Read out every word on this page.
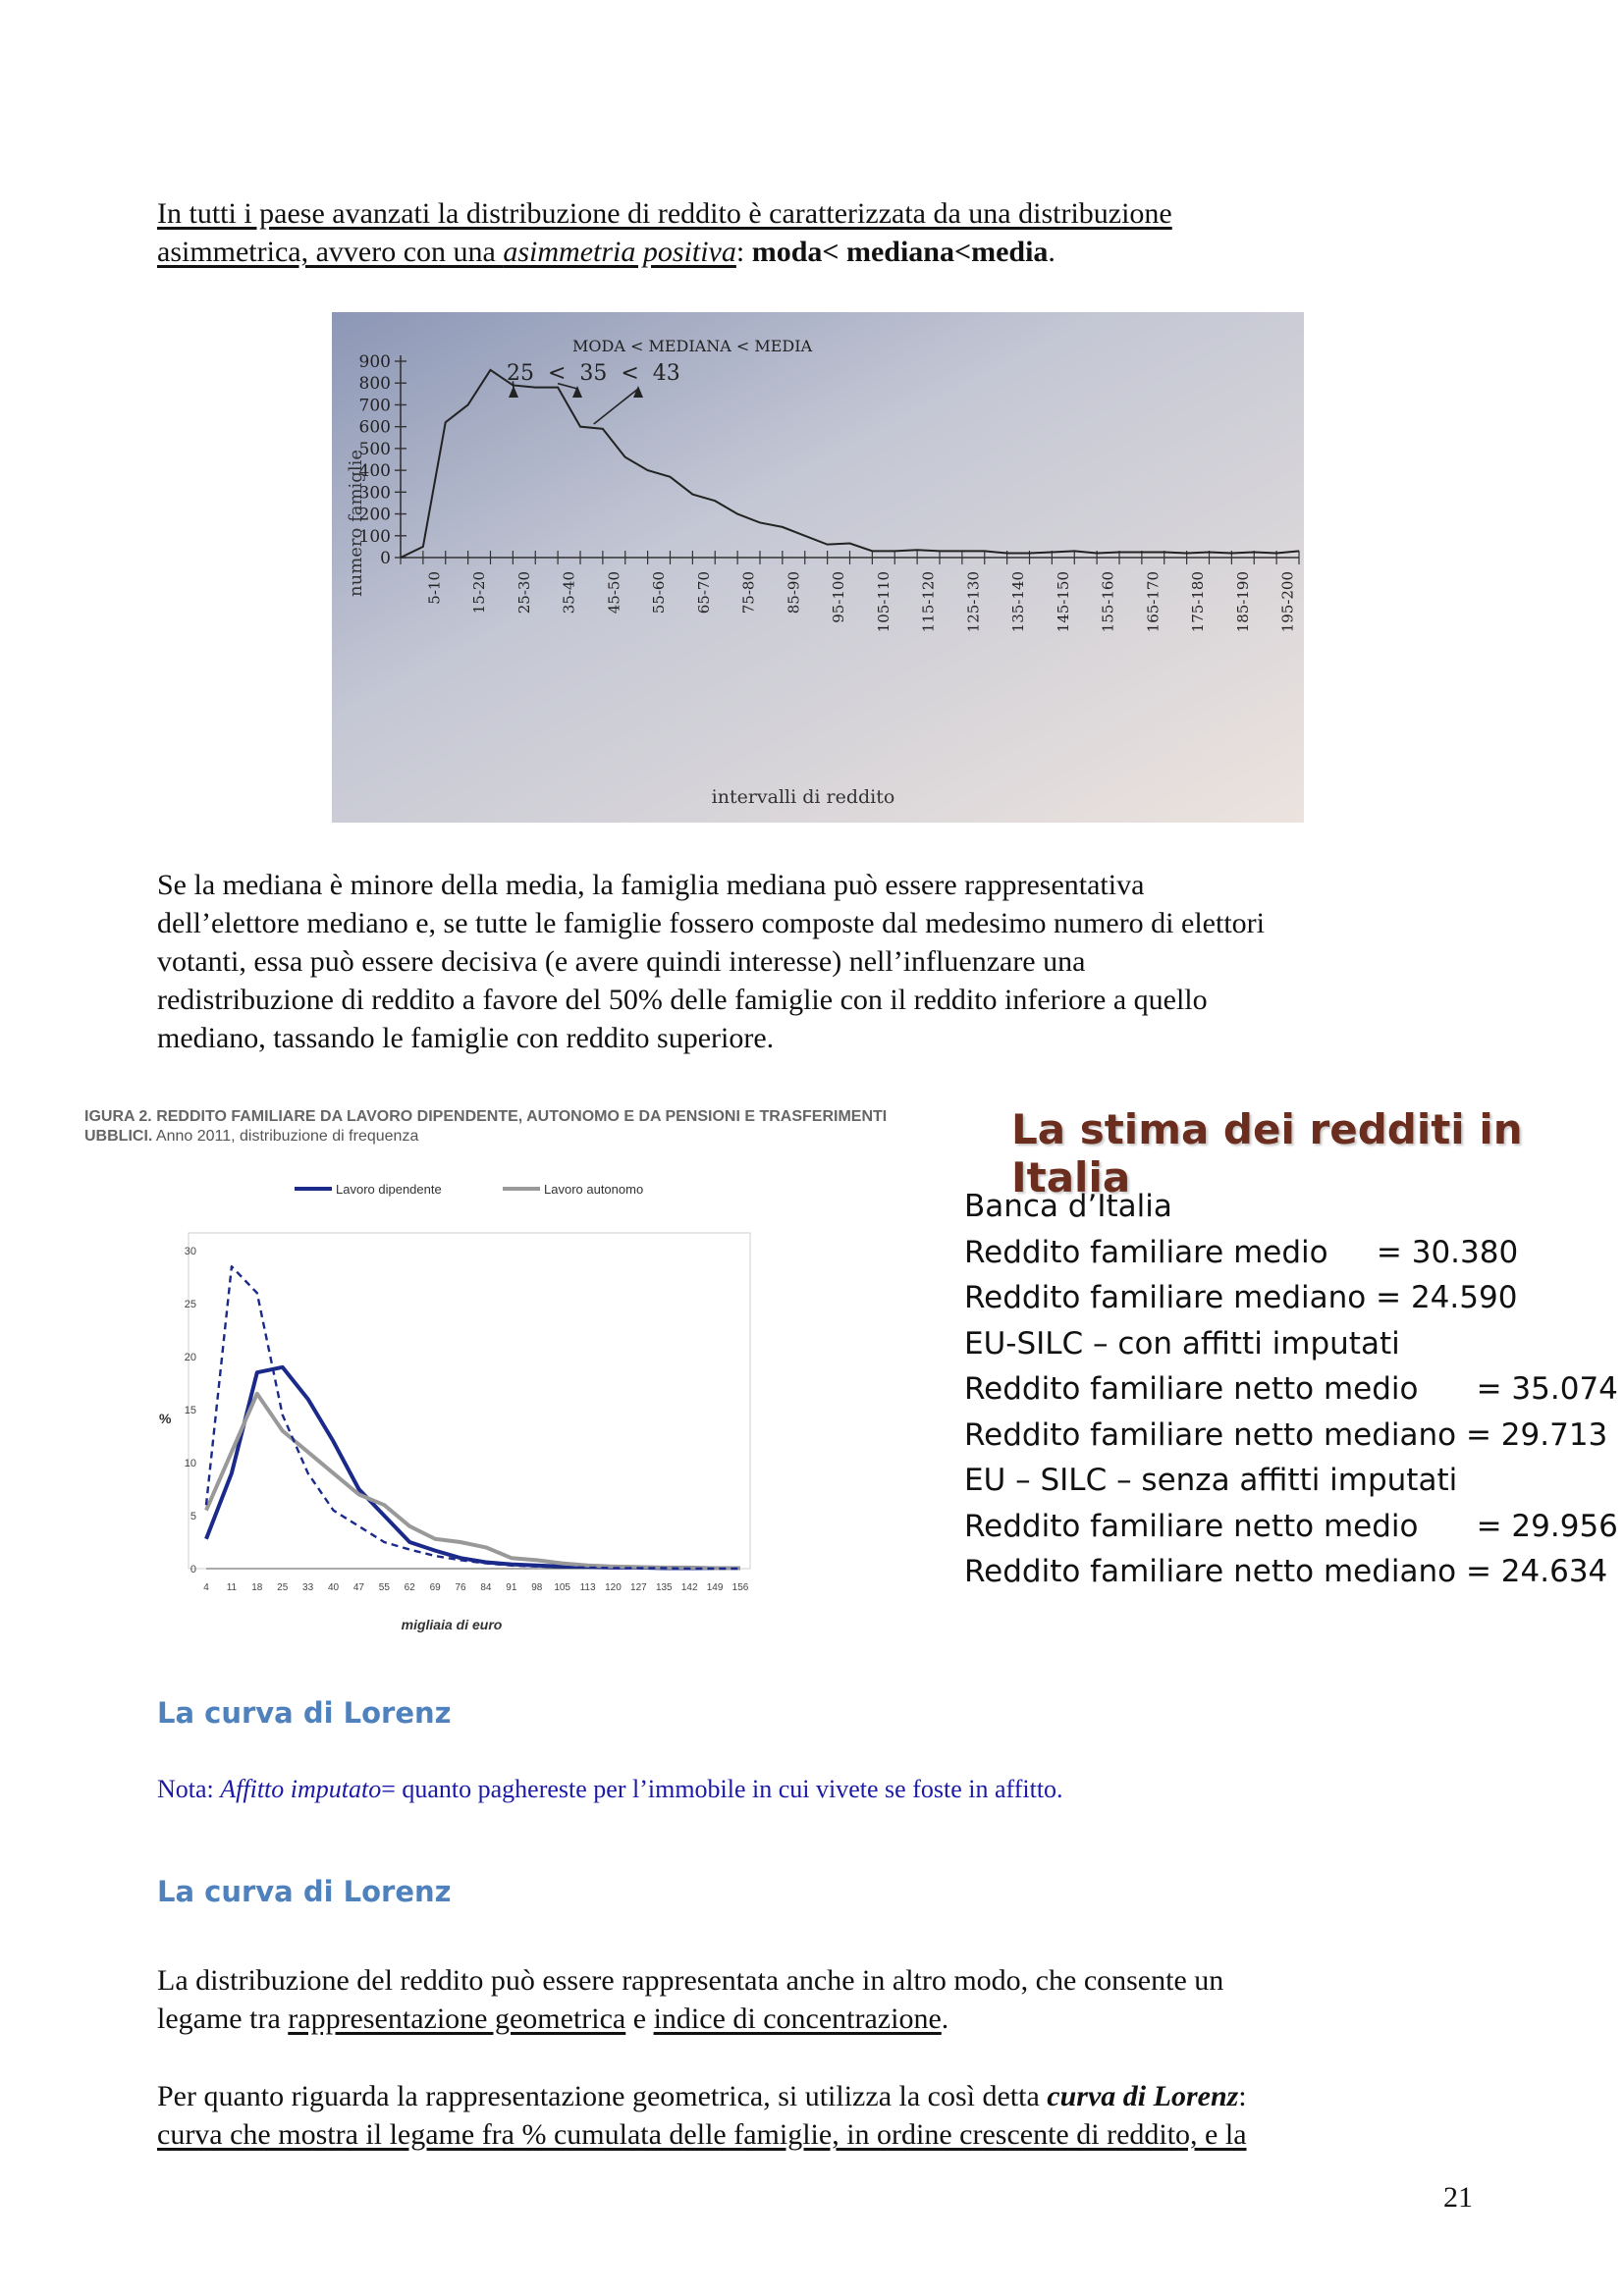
In tutti i paese avanzati la distribuzione di reddito è caratterizzata da una distribuzione
asimmetrica, avvero con una asimmetria positiva: moda< mediana<media.

0
100
200
300
400
500
600
700
800
900
5-10 15-20 25-30 35-40 45-50 55-60 65-70 75-80 85-90 95-100 105-110 115-120 125-130 135-140 145-150 155-160 165-170 175-180 185-190 195-200
MODA < MEDIANA < MEDIA
25  <  35  <  43
numero famiglie
intervalli di reddito

Se la mediana è minore della media, la famiglia mediana può essere rappresentativa
dell’elettore mediano e, se tutte le famiglie fossero composte dal medesimo numero di elettori
votanti, essa può essere decisiva (e avere quindi interesse) nell’influenzare una
redistribuzione di reddito a favore del 50% delle famiglie con il reddito inferiore a quello
mediano, tassando le famiglie con reddito superiore.

IGURA 2. REDDITO FAMILIARE DA LAVORO DIPENDENTE, AUTONOMO E DA PENSIONI E TRASFERIMENTI
UBBLICI. Anno 2011, distribuzione di frequenza

Lavoro dipendente	Lavoro autonomo
0
5
10
15
20
25
30
4 11 18 25 33 40 47 55 62 69 76 84 91 98 105 113 120 127 135 142 149 156
%
migliaia di euro
La stima dei redditi in Italia
Banca d’Italia
Reddito familiare medio     = 30.380
Reddito familiare mediano = 24.590
EU-SILC – con affitti imputati
Reddito familiare netto medio      = 35.074
Reddito familiare netto mediano = 29.713
EU – SILC – senza affitti imputati
Reddito familiare netto medio      = 29.956
Reddito familiare netto mediano = 24.634
La curva di Lorenz

Nota: Affitto imputato= quanto paghereste per l’immobile in cui vivete se foste in affitto.

La curva di Lorenz

La distribuzione del reddito può essere rappresentata anche in altro modo, che consente un
legame tra rappresentazione geometrica e indice di concentrazione.

Per quanto riguarda la rappresentazione geometrica, si utilizza la così detta curva di Lorenz:
curva che mostra il legame fra % cumulata delle famiglie, in ordine crescente di reddito, e la

21
